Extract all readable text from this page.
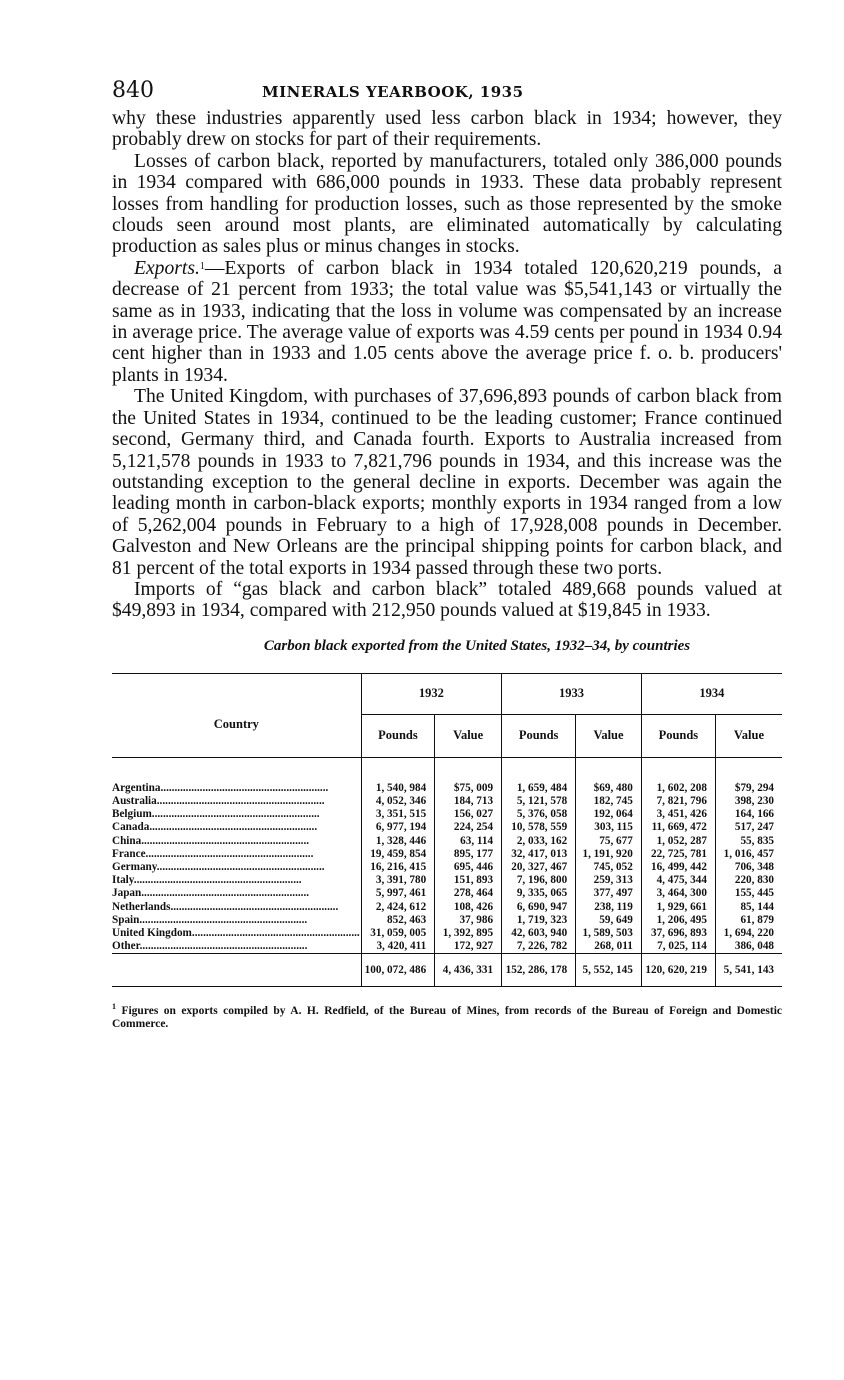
840	MINERALS YEARBOOK, 1935

why these industries apparently used less carbon black in 1934; however, they probably drew on stocks for part of their requirements.

Losses of carbon black, reported by manufacturers, totaled only 386,000 pounds in 1934 compared with 686,000 pounds in 1933. These data probably represent losses from handling for production losses, such as those represented by the smoke clouds seen around most plants, are eliminated automatically by calculating production as sales plus or minus changes in stocks.

Exports.$^1$—Exports of carbon black in 1934 totaled 120,620,219 pounds, a decrease of 21 percent from 1933; the total value was $5,541,143 or virtually the same as in 1933, indicating that the loss in volume was compensated by an increase in average price. The average value of exports was 4.59 cents per pound in 1934 0.94 cent higher than in 1933 and 1.05 cents above the average price f. o. b. producers' plants in 1934.

The United Kingdom, with purchases of 37,696,893 pounds of carbon black from the United States in 1934, continued to be the leading customer; France continued second, Germany third, and Canada fourth. Exports to Australia increased from 5,121,578 pounds in 1933 to 7,821,796 pounds in 1934, and this increase was the outstanding exception to the general decline in exports. December was again the leading month in carbon-black exports; monthly exports in 1934 ranged from a low of 5,262,004 pounds in February to a high of 17,928,008 pounds in December. Galveston and New Orleans are the principal shipping points for carbon black, and 81 percent of the total exports in 1934 passed through these two ports.

Imports of “gas black and carbon black” totaled 489,668 pounds valued at $49,893 in 1934, compared with 212,950 pounds valued at $19,845 in 1933.

Carbon black exported from the United States, 1932–34, by countries
Country	1932		1933		1934	
	Pounds	Value	Pounds	Value	Pounds	Value

Argentina............................................................	1, 540, 984	$75, 009	1, 659, 484	$69, 480	1, 602, 208	$79, 294
Australia............................................................	4, 052, 346	184, 713	5, 121, 578	182, 745	7, 821, 796	398, 230
Belgium............................................................	3, 351, 515	156, 027	5, 376, 058	192, 064	3, 451, 426	164, 166
Canada............................................................	6, 977, 194	224, 254	10, 578, 559	303, 115	11, 669, 472	517, 247
China............................................................	1, 328, 446	63, 114	2, 033, 162	75, 677	1, 052, 287	55, 835
France............................................................	19, 459, 854	895, 177	32, 417, 013	1, 191, 920	22, 725, 781	1, 016, 457
Germany............................................................	16, 216, 415	695, 446	20, 327, 467	745, 052	16, 499, 442	706, 348
Italy............................................................	3, 391, 780	151, 893	7, 196, 800	259, 313	4, 475, 344	220, 830
Japan............................................................	5, 997, 461	278, 464	9, 335, 065	377, 497	3, 464, 300	155, 445
Netherlands............................................................	2, 424, 612	108, 426	6, 690, 947	238, 119	1, 929, 661	85, 144
Spain............................................................	852, 463	37, 986	1, 719, 323	59, 649	1, 206, 495	61, 879
United Kingdom............................................................	31, 059, 005	1, 392, 895	42, 603, 940	1, 589, 503	37, 696, 893	1, 694, 220
Other............................................................	3, 420, 411	172, 927	7, 226, 782	268, 011	7, 025, 114	386, 048
	100, 072, 486	4, 436, 331	152, 286, 178	5, 552, 145	120, 620, 219	5, 541, 143
$^1$ Figures on exports compiled by A. H. Redfield, of the Bureau of Mines, from records of the Bureau of Foreign and Domestic Commerce.
